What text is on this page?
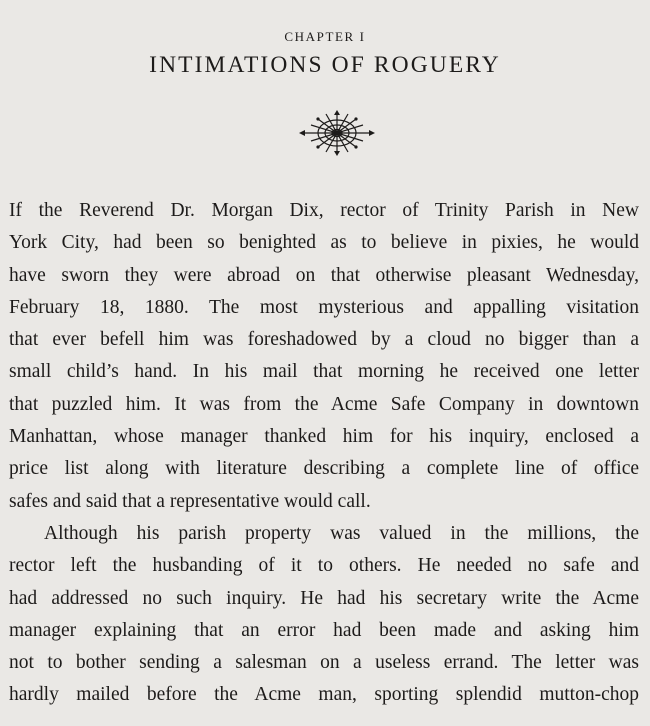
CHAPTER I
INTIMATIONS OF ROGUERY

If the Reverend Dr. Morgan Dix, rector of Trinity Parish in New
York City, had been so benighted as to believe in pixies, he would
have sworn they were abroad on that otherwise pleasant Wednesday,
February 18, 1880. The most mysterious and appalling visitation
that ever befell him was foreshadowed by a cloud no bigger than a
small child’s hand. In his mail that morning he received one letter
that puzzled him. It was from the Acme Safe Company in downtown
Manhattan, whose manager thanked him for his inquiry, enclosed a
price list along with literature describing a complete line of office
safes and said that a representative would call.

Although his parish property was valued in the millions, the
rector left the husbanding of it to others. He needed no safe and
had addressed no such inquiry. He had his secretary write the Acme
manager explaining that an error had been made and asking him
not to bother sending a salesman on a useless errand. The letter was
hardly mailed before the Acme man, sporting splendid mutton-chop
